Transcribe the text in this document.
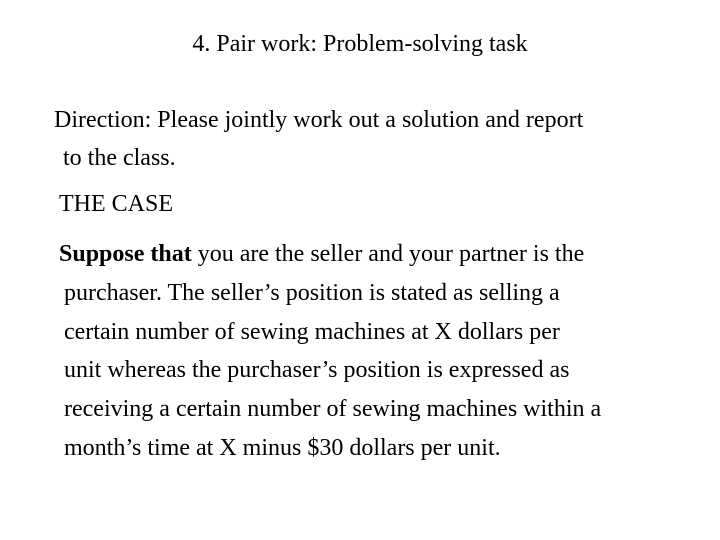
4. Pair work: Problem-solving task
Direction: Please jointly work out a solution and report
to the class.
THE CASE
Suppose that you are the seller and your partner is the
purchaser. The seller’s position is stated as selling a
certain number of sewing machines at X dollars per
unit whereas the purchaser’s position is expressed as
receiving a certain number of sewing machines within a
month’s time at X minus $30 dollars per unit.
